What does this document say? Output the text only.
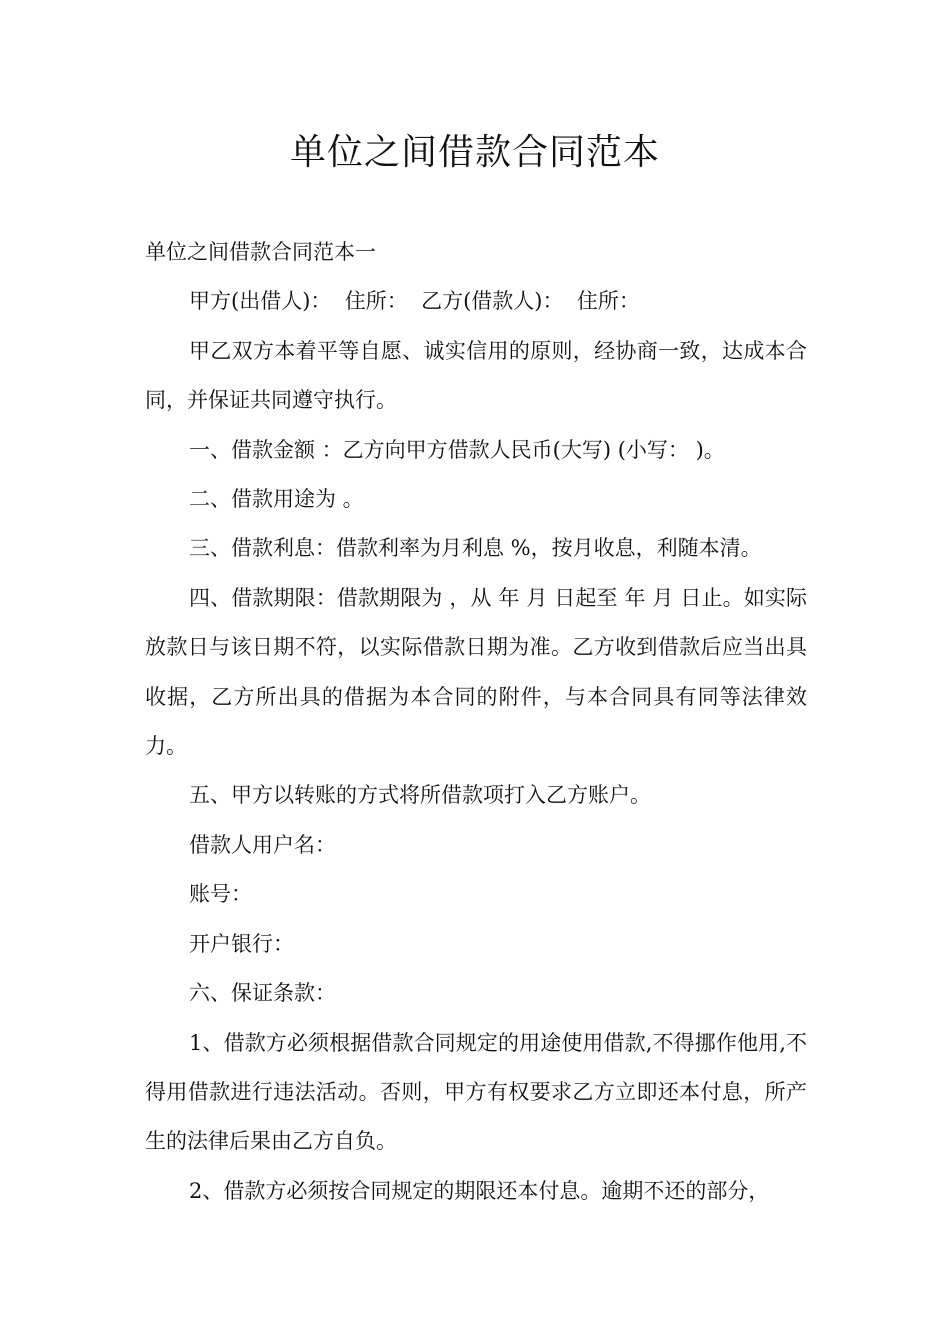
单位之间借款合同范本

单位之间借款合同范本一

甲方(出借人)：  住所：  乙方(借款人)：  住所：

甲乙双方本着平等自愿、诚实信用的原则，经协商一致，达成本合同，并保证共同遵守执行。

一、借款金额 ：乙方向甲方借款人民币(大写) (小写： )。

二、借款用途为 。

三、借款利息：借款利率为月利息 %，按月收息，利随本清。

四、借款期限：借款期限为 ，从 年 月 日起至 年 月 日止。如实际放款日与该日期不符，以实际借款日期为准。乙方收到借款后应当出具收据，乙方所出具的借据为本合同的附件，与本合同具有同等法律效力。

五、甲方以转账的方式将所借款项打入乙方账户。

借款人用户名：

账号：

开户银行：

六、保证条款：

1、借款方必须根据借款合同规定的用途使用借款,不得挪作他用,不得用借款进行违法活动。否则，甲方有权要求乙方立即还本付息，所产生的法律后果由乙方自负。

2、借款方必须按合同规定的期限还本付息。逾期不还的部分，
